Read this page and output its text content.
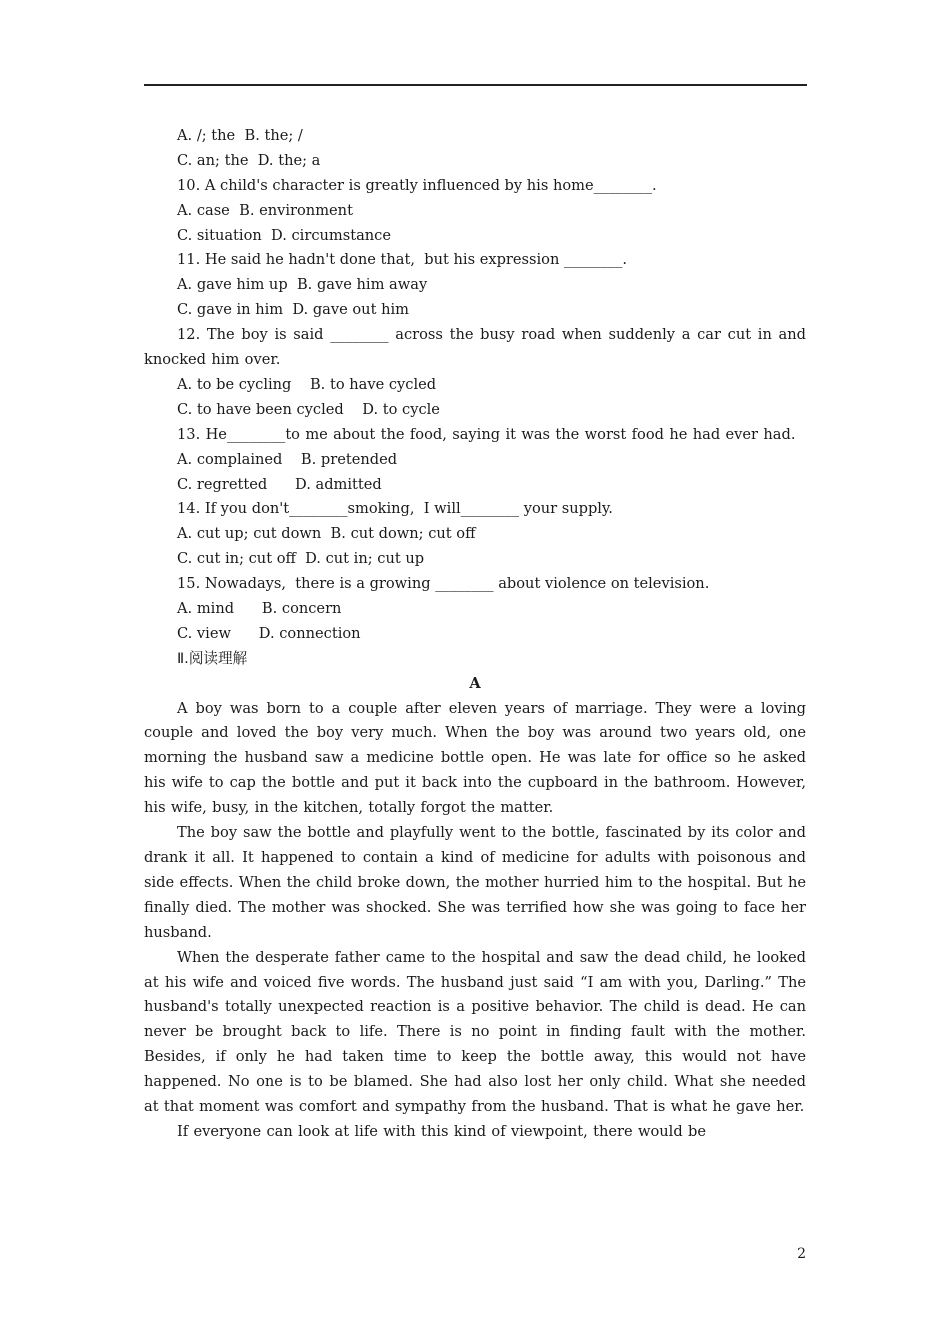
A. /; the  B. the; /
C. an; the  D. the; a
10. A child's character is greatly influenced by his home________.
A. case  B. environment
C. situation  D. circumstance
11. He said he hadn't done that,  but his expression ________.
A. gave him up  B. gave him away
C. gave in him  D. gave out him
12. The boy is said ________ across the busy road when suddenly a car cut in and knocked him over.
A. to be cycling    B. to have cycled
C. to have been cycled    D. to cycle
13. He________to me about the food, saying it was the worst food he had ever had.
A. complained    B. pretended
C. regretted      D. admitted
14. If you don't________smoking,  I will________ your supply.
A. cut up; cut down  B. cut down; cut off
C. cut in; cut off  D. cut in; cut up
15. Nowadays,  there is a growing ________ about violence on television.
A. mind      B. concern
C. view      D. connection
Ⅱ.阅读理解
A
A boy was born to a couple after eleven years of marriage. They were a loving couple and loved the boy very much. When the boy was around two years old, one morning the husband saw a medicine bottle open. He was late for office so he asked his wife to cap the bottle and put it back into the cupboard in the bathroom. However, his wife, busy, in the kitchen, totally forgot the matter.
The boy saw the bottle and playfully went to the bottle, fascinated by its color and drank it all. It happened to contain a kind of medicine for adults with poisonous and side effects. When the child broke down, the mother hurried him to the hospital. But he finally died. The mother was shocked. She was terrified how she was going to face her husband.
When the desperate father came to the hospital and saw the dead child, he looked at his wife and voiced five words. The husband just said “I am with you, Darling.” The husband's totally unexpected reaction is a positive behavior. The child is dead. He can never be brought back to life. There is no point in finding fault with the mother. Besides, if only he had taken time to keep the bottle away, this would not have happened. No one is to be blamed. She had also lost her only child. What she needed at that moment was comfort and sympathy from the husband. That is what he gave her.
If everyone can look at life with this kind of viewpoint, there would be
2
